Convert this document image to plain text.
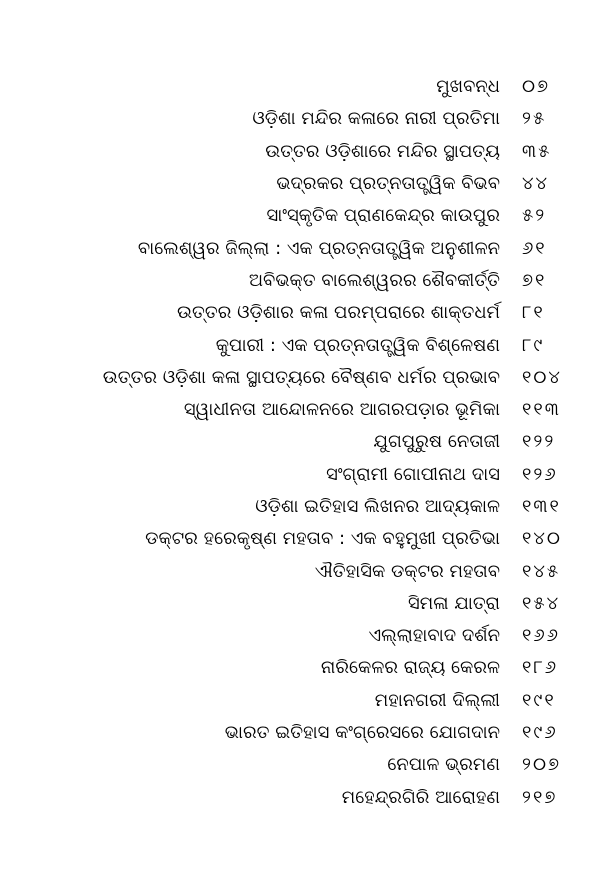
ମୁଖବନ୍ଧ	୦୭
ଓଡ଼ିଶା ମନ୍ଦିର କଳାରେ ନାରୀ ପ୍ରତିମା	୨୫
ଉତ୍ତର ଓଡ଼ିଶାରେ ମନ୍ଦିର ସ୍ଥାପତ୍ୟ	୩୫
ଭଦ୍ରକର ପ୍ରତ୍ନତାତ୍ତ୍ୱିକ ବିଭବ	୪୪
ସାଂସ୍କୃତିକ ପ୍ରାଣକେନ୍ଦ୍ର କାଉପୁର	୫୨
ବାଲେଶ୍ୱର ଜିଲ୍ଲା : ଏକ ପ୍ରତ୍ନତାତ୍ତ୍ୱିକ ଅନୁଶୀଳନ	୬୧
ଅବିଭକ୍ତ ବାଲେଶ୍ୱରର ଶୈବକୀର୍ତ୍ତି	୭୧
ଉତ୍ତର ଓଡ଼ିଶାର କଳା ପରମ୍ପରାରେ ଶାକ୍ତଧର୍ମ	୮୧
କୁପାରୀ : ଏକ ପ୍ରତ୍ନତାତ୍ତ୍ୱିକ ବିଶ୍ଳେଷଣ	୮୯
ଉତ୍ତର ଓଡ଼ିଶା କଳା ସ୍ଥାପତ୍ୟରେ ବୈଷ୍ଣବ ଧର୍ମର ପ୍ରଭାବ	୧୦୪
ସ୍ୱାଧୀନତା ଆନ୍ଦୋଳନରେ ଆଗରପଡ଼ାର ଭୂମିକା	୧୧୩
ଯୁଗପୁରୁଷ ନେତାଜୀ	୧୨୨
ସଂଗ୍ରାମୀ ଗୋପୀନାଥ ଦାସ	୧୨୬
ଓଡ଼ିଶା ଇତିହାସ ଲିଖନର ଆଦ୍ୟକାଳ	୧୩୧
ଡକ୍ଟର ହରେକୃଷ୍ଣ ମହତାବ : ଏକ ବହୁମୁଖୀ ପ୍ରତିଭା	୧୪୦
ଐତିହାସିକ ଡକ୍ଟର ମହତାବ	୧୪୫
ସିମଳା ଯାତ୍ରା	୧୫୪
ଏଲ୍ଲାହାବାଦ ଦର୍ଶନ	୧୬୬
ନାରିକେଳର ରାଜ୍ୟ କେରଳ	୧୮୬
ମହାନଗରୀ ଦିଲ୍ଲୀ	୧୯୧
ଭାରତ ଇତିହାସ କଂଗ୍ରେସରେ ଯୋଗଦାନ	୧୯୬
ନେପାଳ ଭ୍ରମଣ	୨୦୭
ମହେନ୍ଦ୍ରଗିରି ଆରୋହଣ	୨୧୭
